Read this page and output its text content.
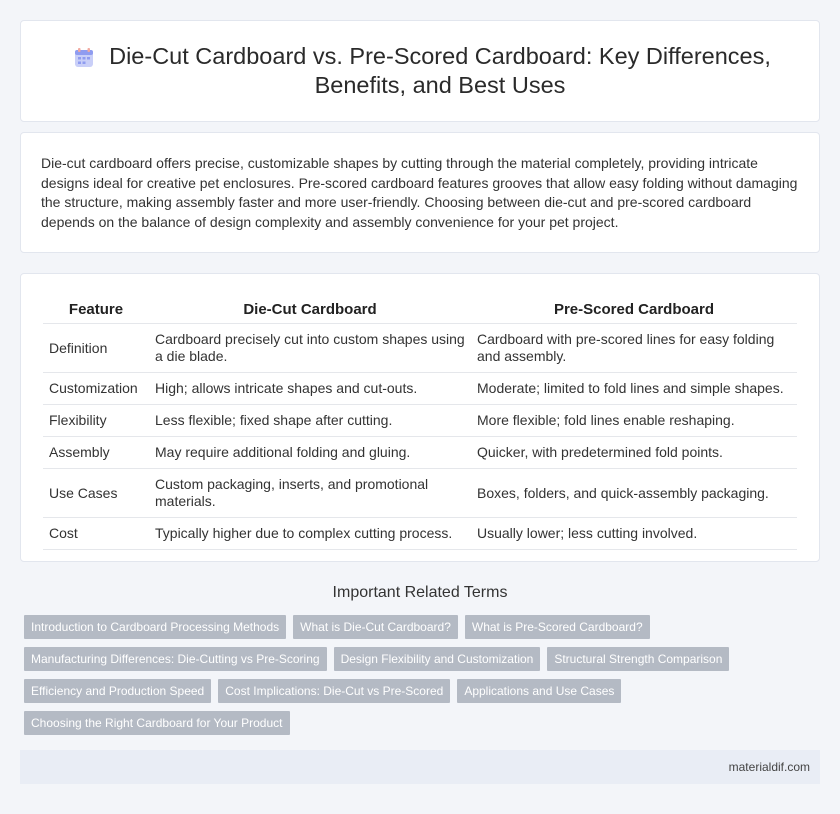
Die-Cut Cardboard vs. Pre-Scored Cardboard: Key Differences, Benefits, and Best Uses

Die-cut cardboard offers precise, customizable shapes by cutting through the material completely, providing intricate designs ideal for creative pet enclosures. Pre-scored cardboard features grooves that allow easy folding without damaging the structure, making assembly faster and more user-friendly. Choosing between die-cut and pre-scored cardboard depends on the balance of design complexity and assembly convenience for your pet project.

Feature	Die-Cut Cardboard	Pre-Scored Cardboard
Definition	Cardboard precisely cut into custom shapes using a die blade.	Cardboard with pre-scored lines for easy folding and assembly.
Customization	High; allows intricate shapes and cut-outs.	Moderate; limited to fold lines and simple shapes.
Flexibility	Less flexible; fixed shape after cutting.	More flexible; fold lines enable reshaping.
Assembly	May require additional folding and gluing.	Quicker, with predetermined fold points.
Use Cases	Custom packaging, inserts, and promotional materials.	Boxes, folders, and quick-assembly packaging.
Cost	Typically higher due to complex cutting process.	Usually lower; less cutting involved.
Important Related Terms
Introduction to Cardboard Processing Methods	What is Die-Cut Cardboard?	What is Pre-Scored Cardboard?
Manufacturing Differences: Die-Cutting vs Pre-Scoring	Design Flexibility and Customization	Structural Strength Comparison
Efficiency and Production Speed	Cost Implications: Die-Cut vs Pre-Scored	Applications and Use Cases
Choosing the Right Cardboard for Your Product
materialdif.com
